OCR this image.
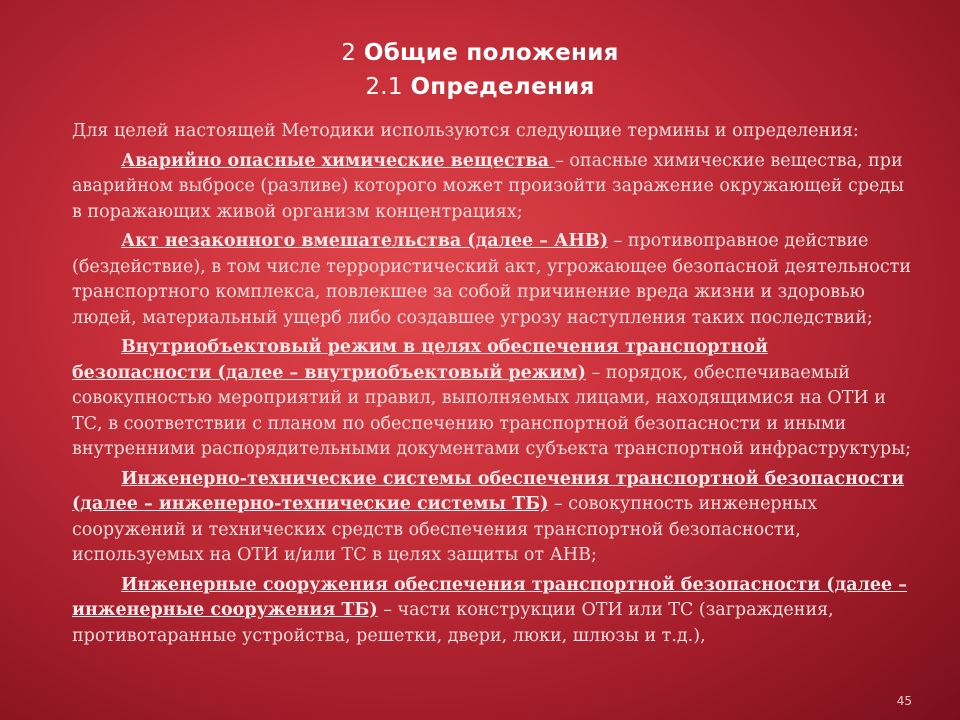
2 Общие положения
2.1 Определения

Для целей настоящей Методики используются следующие термины и определения:

Аварийно опасные химические вещества – опасные химические вещества, при аварийном выбросе (разливе) которого может произойти заражение окружающей среды в поражающих живой организм концентрациях;

Акт незаконного вмешательства (далее – АНВ) – противоправное действие (бездействие), в том числе террористический акт, угрожающее безопасной деятельности транспортного комплекса, повлекшее за собой причинение вреда жизни и здоровью людей, материальный ущерб либо создавшее угрозу наступления таких последствий;

Внутриобъектовый режим в целях обеспечения транспортной безопасности (далее – внутриобъектовый режим) – порядок, обеспечиваемый совокупностью мероприятий и правил, выполняемых лицами, находящимися на ОТИ и ТС, в соответствии с планом по обеспечению транспортной безопасности и иными внутренними распорядительными документами субъекта транспортной инфраструктуры;

Инженерно-технические системы обеспечения транспортной безопасности (далее – инженерно-технические системы ТБ) – совокупность инженерных сооружений и технических средств обеспечения транспортной безопасности, используемых на ОТИ и/или ТС в целях защиты от АНВ;

Инженерные сооружения обеспечения транспортной безопасности (далее – инженерные сооружения ТБ) – части конструкции ОТИ или ТС (заграждения, противотаранные устройства, решетки, двери, люки, шлюзы и т.д.),

45
